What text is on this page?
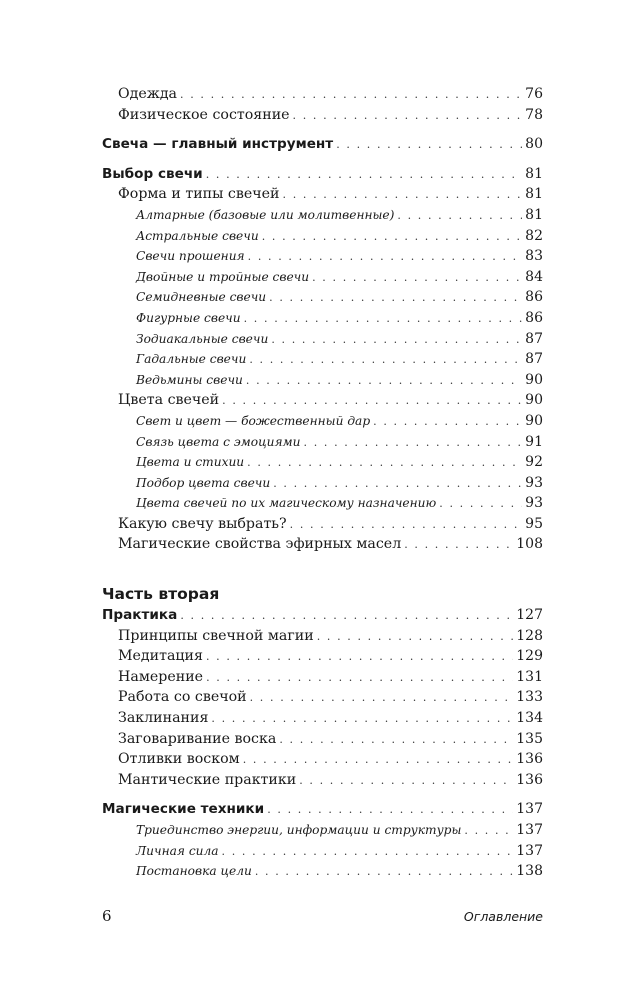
Одежда . . .	76
Физическое состояние . . .	78
Свеча — главный инструмент . . .	80
Выбор свечи . . .	81
Форма и типы свечей . . .	81
Алтарные (базовые или молитвенные) . . .	81
Астральные свечи . . .	82
Свечи прошения . . .	83
Двойные и тройные свечи . . .	84
Семидневные свечи . . .	86
Фигурные свечи . . .	86
Зодиакальные свечи . . .	87
Гадальные свечи . . .	87
Ведьмины свечи . . .	90
Цвета свечей . . .	90
Свет и цвет — божественный дар . . .	90
Связь цвета с эмоциями . . .	91
Цвета и стихии . . .	92
Подбор цвета свечи . . .	93
Цвета свечей по их магическому назначению . . .	93
Какую свечу выбрать? . . .	95
Магические свойства эфирных масел . . .	108
Часть вторая
Практика . . .	127
Принципы свечной магии . . .	128
Медитация . . .	129
Намерение . . .	131
Работа со свечой . . .	133
Заклинания . . .	134
Заговаривание воска . . .	135
Отливки воском . . .	136
Мантические практики . . .	136
Магические техники . . .	137
Триединство энергии, информации и структуры . . .	137
Личная сила . . .	137
Постановка цели . . .	138
6	Оглавление
